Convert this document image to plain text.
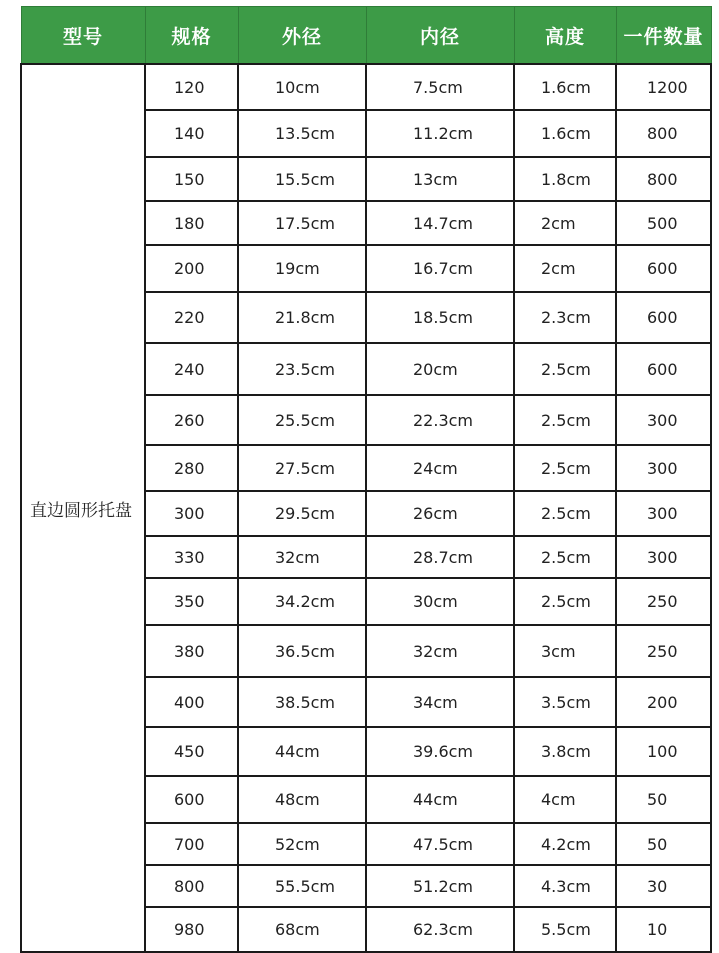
型号	规格	外径	内径	高度	一件数量
直边圆形托盘	120	10cm	7.5cm	1.6cm	1200
	140	13.5cm	11.2cm	1.6cm	800
	150	15.5cm	13cm	1.8cm	800
	180	17.5cm	14.7cm	2cm	500
	200	19cm	16.7cm	2cm	600
	220	21.8cm	18.5cm	2.3cm	600
	240	23.5cm	20cm	2.5cm	600
	260	25.5cm	22.3cm	2.5cm	300
	280	27.5cm	24cm	2.5cm	300
	300	29.5cm	26cm	2.5cm	300
	330	32cm	28.7cm	2.5cm	300
	350	34.2cm	30cm	2.5cm	250
	380	36.5cm	32cm	3cm	250
	400	38.5cm	34cm	3.5cm	200
	450	44cm	39.6cm	3.8cm	100
	600	48cm	44cm	4cm	50
	700	52cm	47.5cm	4.2cm	50
	800	55.5cm	51.2cm	4.3cm	30
	980	68cm	62.3cm	5.5cm	10
